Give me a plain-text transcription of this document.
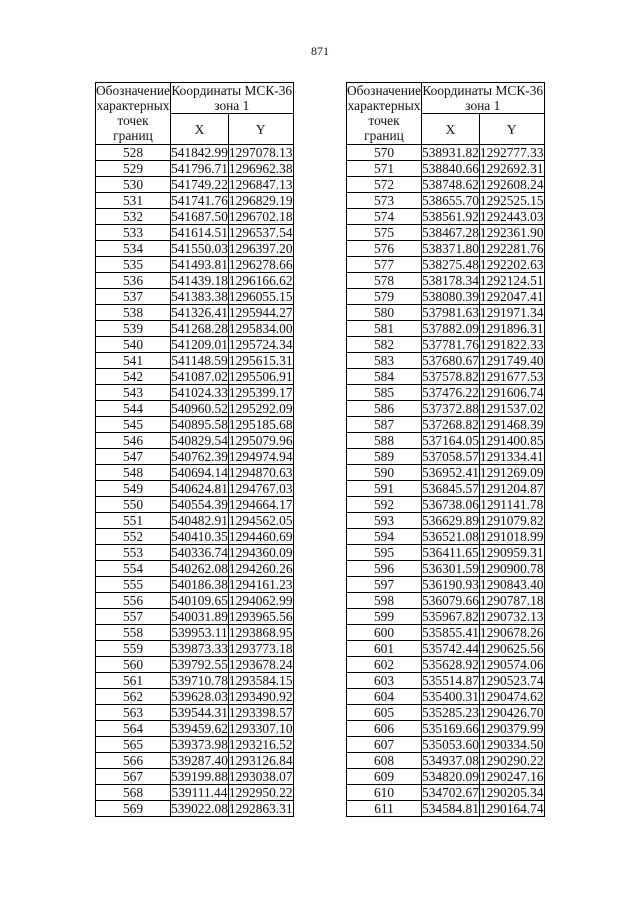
871
Обозначение характерных точек границ	Координаты МСК-36 зона 1	
	X	Y
528	541842.99	1297078.13
529	541796.71	1296962.38
530	541749.22	1296847.13
531	541741.76	1296829.19
532	541687.50	1296702.18
533	541614.51	1296537.54
534	541550.03	1296397.20
535	541493.81	1296278.66
536	541439.18	1296166.62
537	541383.38	1296055.15
538	541326.41	1295944.27
539	541268.28	1295834.00
540	541209.01	1295724.34
541	541148.59	1295615.31
542	541087.02	1295506.91
543	541024.33	1295399.17
544	540960.52	1295292.09
545	540895.58	1295185.68
546	540829.54	1295079.96
547	540762.39	1294974.94
548	540694.14	1294870.63
549	540624.81	1294767.03
550	540554.39	1294664.17
551	540482.91	1294562.05
552	540410.35	1294460.69
553	540336.74	1294360.09
554	540262.08	1294260.26
555	540186.38	1294161.23
556	540109.65	1294062.99
557	540031.89	1293965.56
558	539953.11	1293868.95
559	539873.33	1293773.18
560	539792.55	1293678.24
561	539710.78	1293584.15
562	539628.03	1293490.92
563	539544.31	1293398.57
564	539459.62	1293307.10
565	539373.98	1293216.52
566	539287.40	1293126.84
567	539199.88	1293038.07
568	539111.44	1292950.22
569	539022.08	1292863.31
Обозначение характерных точек границ	Координаты МСК-36 зона 1	
	X	Y
570	538931.82	1292777.33
571	538840.66	1292692.31
572	538748.62	1292608.24
573	538655.70	1292525.15
574	538561.92	1292443.03
575	538467.28	1292361.90
576	538371.80	1292281.76
577	538275.48	1292202.63
578	538178.34	1292124.51
579	538080.39	1292047.41
580	537981.63	1291971.34
581	537882.09	1291896.31
582	537781.76	1291822.33
583	537680.67	1291749.40
584	537578.82	1291677.53
585	537476.22	1291606.74
586	537372.88	1291537.02
587	537268.82	1291468.39
588	537164.05	1291400.85
589	537058.57	1291334.41
590	536952.41	1291269.09
591	536845.57	1291204.87
592	536738.06	1291141.78
593	536629.89	1291079.82
594	536521.08	1291018.99
595	536411.65	1290959.31
596	536301.59	1290900.78
597	536190.93	1290843.40
598	536079.66	1290787.18
599	535967.82	1290732.13
600	535855.41	1290678.26
601	535742.44	1290625.56
602	535628.92	1290574.06
603	535514.87	1290523.74
604	535400.31	1290474.62
605	535285.23	1290426.70
606	535169.66	1290379.99
607	535053.60	1290334.50
608	534937.08	1290290.22
609	534820.09	1290247.16
610	534702.67	1290205.34
611	534584.81	1290164.74
